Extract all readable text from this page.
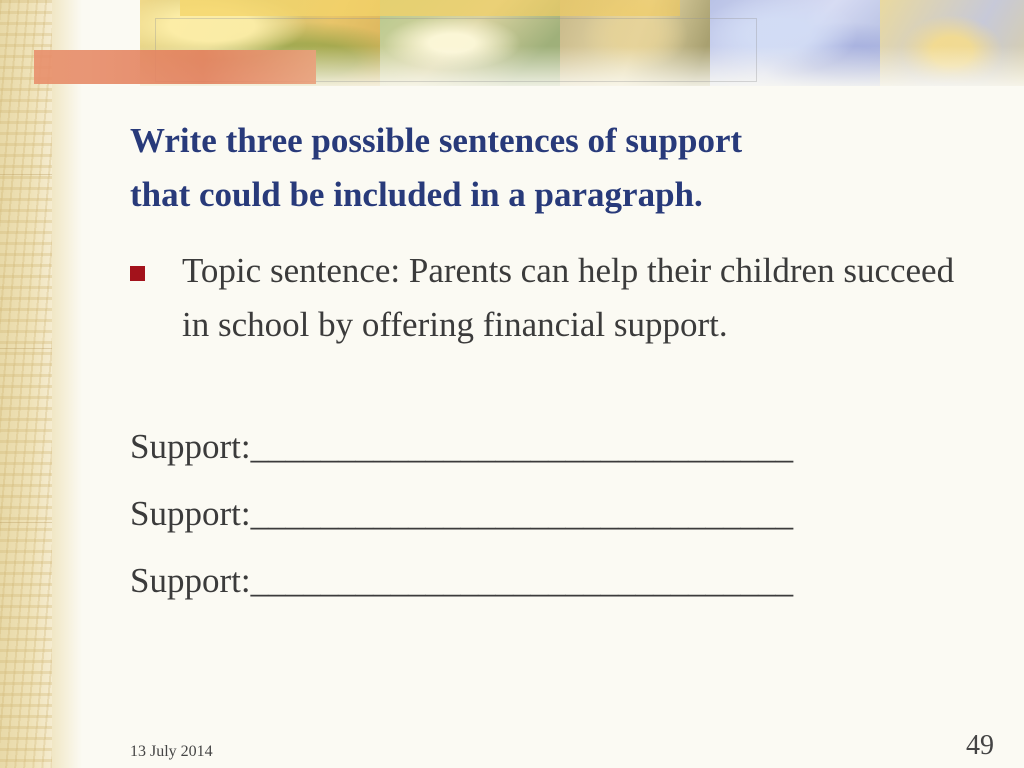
Write three possible sentences of support
that could be included in a paragraph.

Topic sentence: Parents can help their children succeed in school by offering financial support.

Support:_______________________________

Support:_______________________________

Support:_______________________________

13 July 2014	49
